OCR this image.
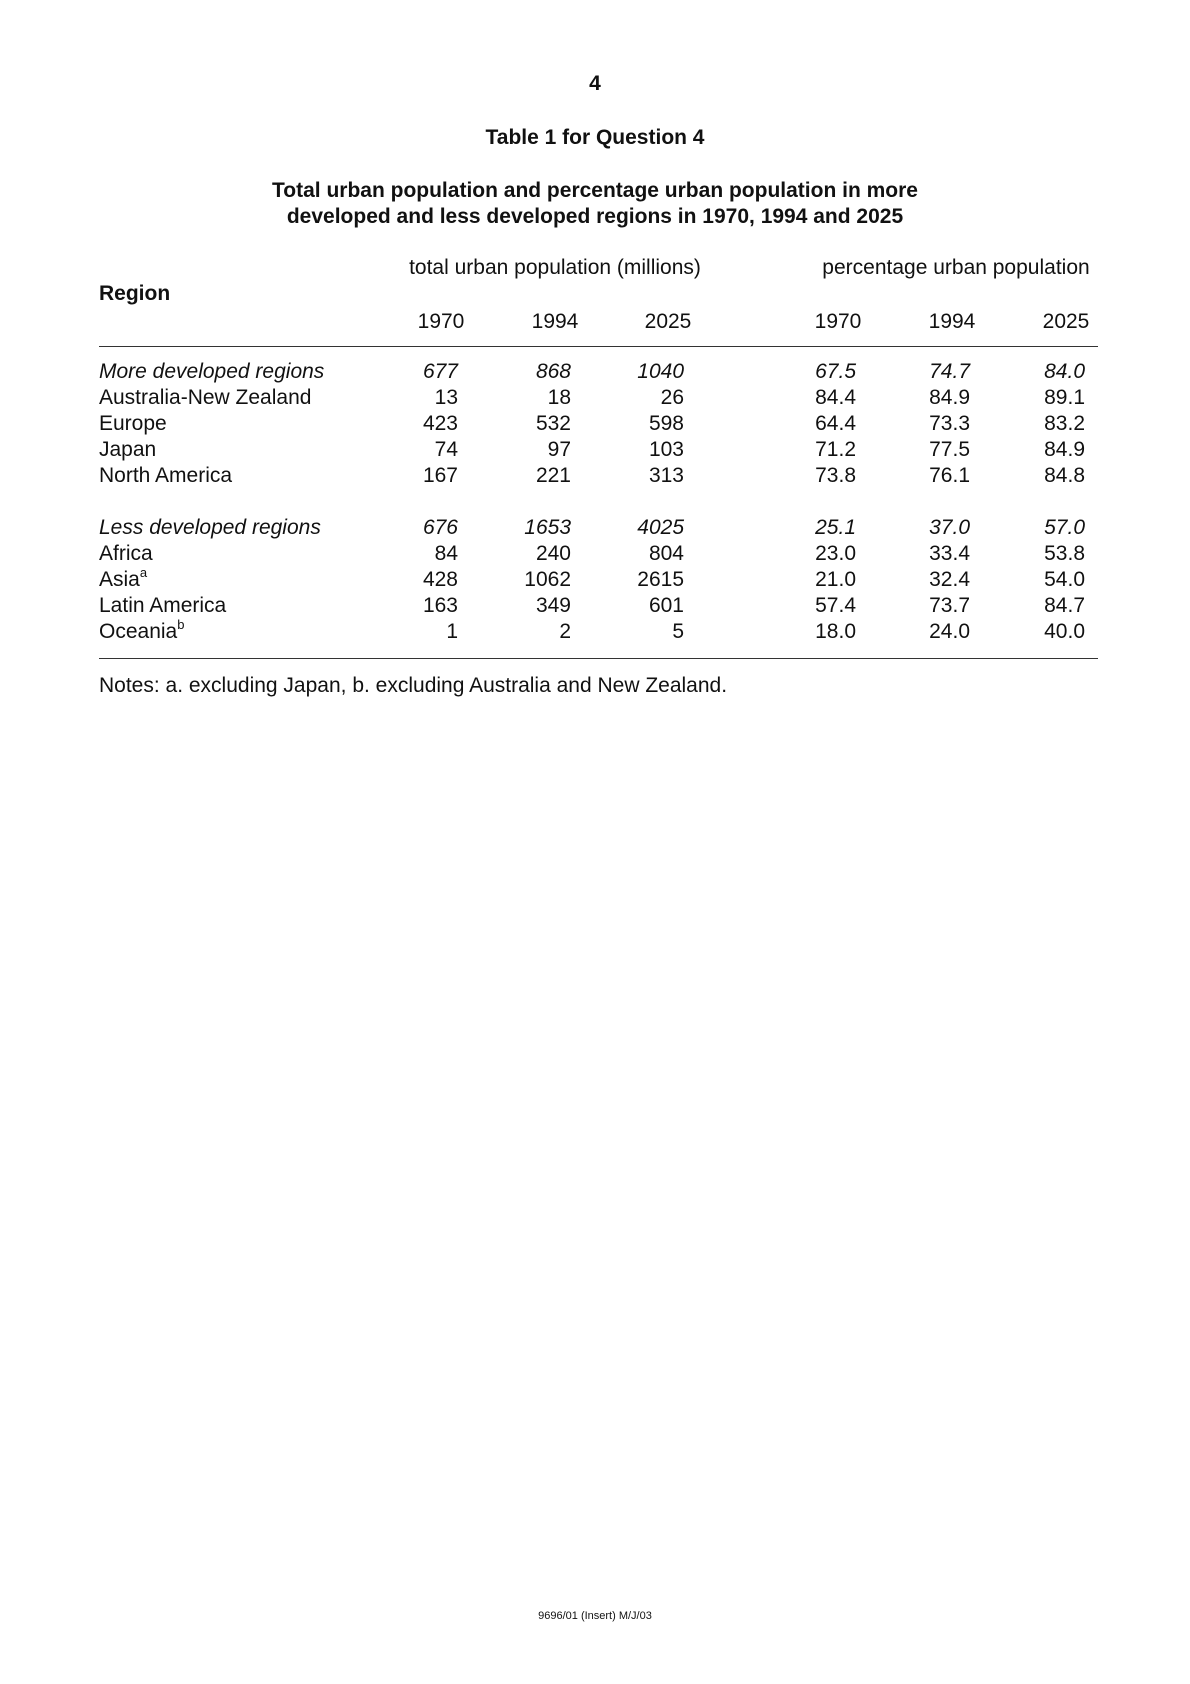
4
Table 1 for Question 4
Total urban population and percentage urban population in more developed and less developed regions in 1970, 1994 and 2025
total urban population (millions)	percentage urban population
Region
1970	1994	2025	1970	1994	2025
More developed regions	677	868	1040	67.5	74.7	84.0
Australia-New Zealand	13	18	26	84.4	84.9	89.1
Europe	423	532	598	64.4	73.3	83.2
Japan	74	97	103	71.2	77.5	84.9
North America	167	221	313	73.8	76.1	84.8
Less developed regions	676	1653	4025	25.1	37.0	57.0
Africa	84	240	804	23.0	33.4	53.8
Asia$^a$	428	1062	2615	21.0	32.4	54.0
Latin America	163	349	601	57.4	73.7	84.7
Oceania$^b$	1	2	5	18.0	24.0	40.0
Notes: a. excluding Japan, b. excluding Australia and New Zealand.
9696/01 (Insert) M/J/03
